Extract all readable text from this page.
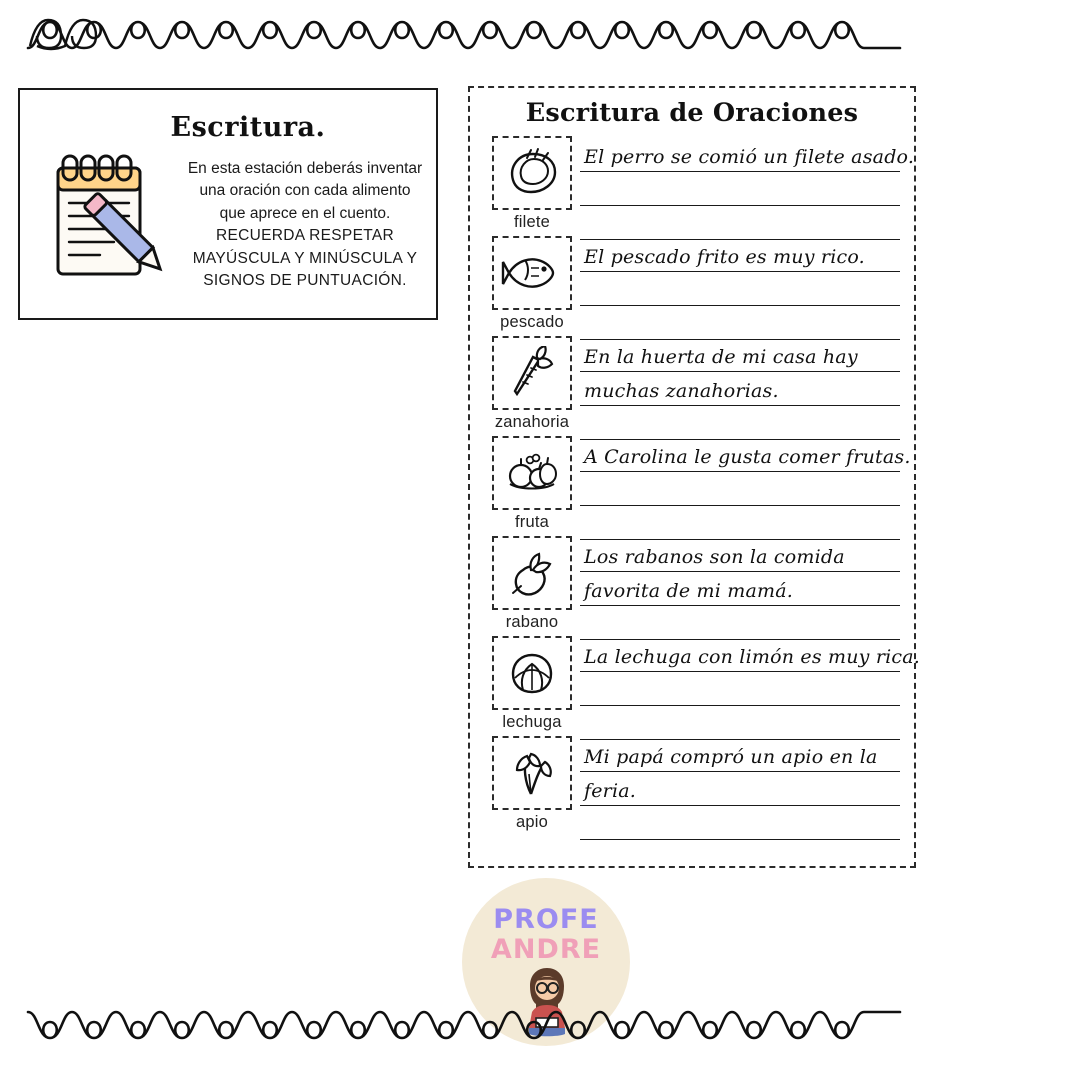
Escritura.
En esta estación deberás inventar
una oración con cada alimento
que aprece en el cuento.
RECUERDA RESPETAR
MAYÚSCULA Y MINÚSCULA Y
SIGNOS DE PUNTUACIÓN.
Escritura de Oraciones
filete
El perro se comió un filete asado.
pescado
El pescado frito es muy rico.
zanahoria
En la huerta de mi casa hay
muchas zanahorias.
fruta
A Carolina le gusta comer frutas.
rabano
Los rabanos son la comida
favorita de mi mamá.
lechuga
La lechuga con limón es muy rica.
apio
Mi papá compró un apio en la
feria.
PROFE
ANDRE
